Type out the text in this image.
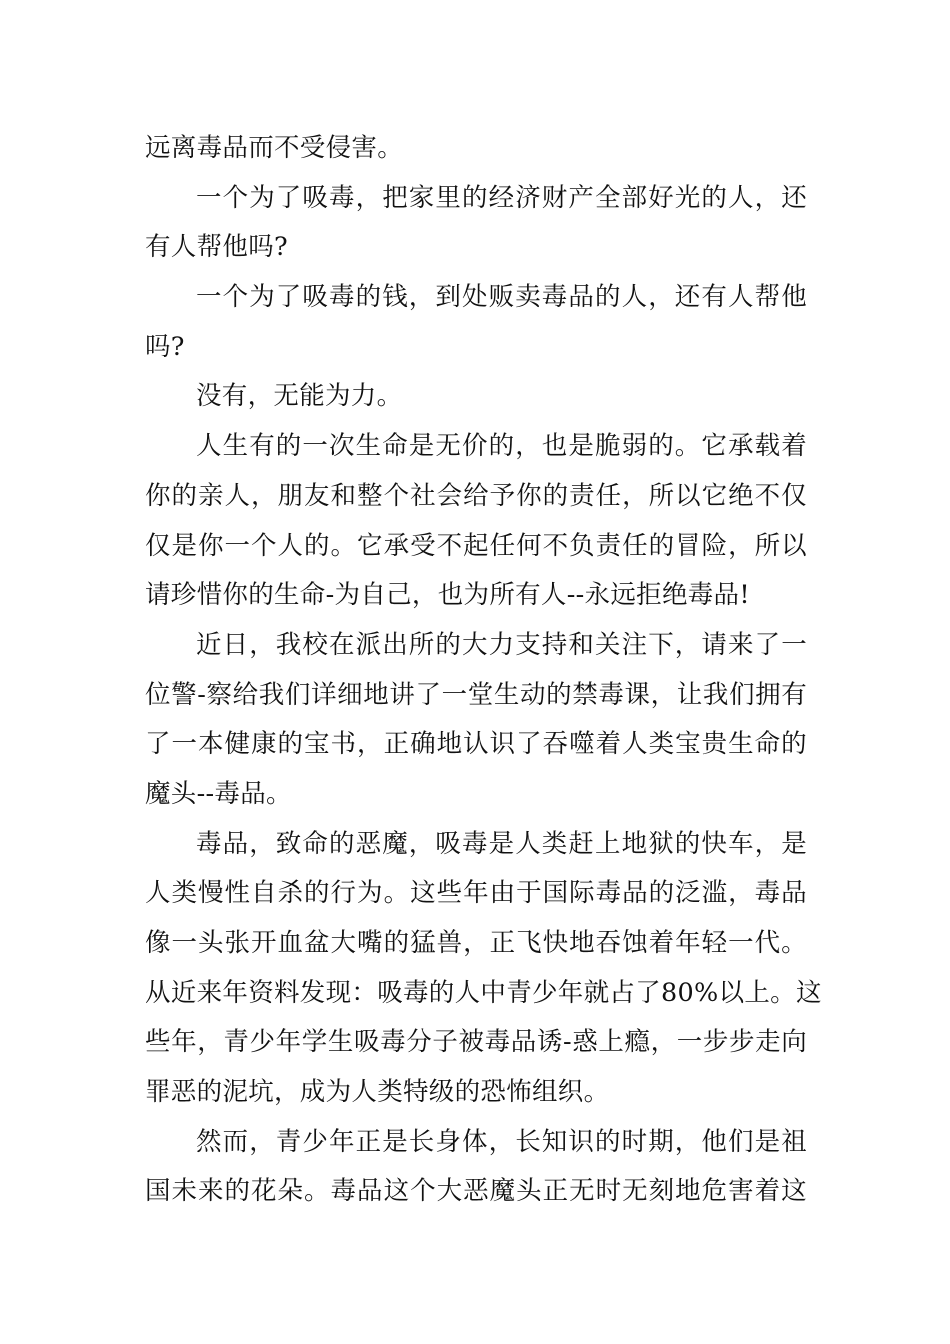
远离毒品而不受侵害。
一个为了吸毒，把家里的经济财产全部好光的人，还
有人帮他吗?
一个为了吸毒的钱，到处贩卖毒品的人，还有人帮他
吗?
没有，无能为力。
人生有的一次生命是无价的，也是脆弱的。它承载着
你的亲人，朋友和整个社会给予你的责任，所以它绝不仅
仅是你一个人的。它承受不起任何不负责任的冒险，所以
请珍惜你的生命-为自己，也为所有人--永远拒绝毒品!
近日，我校在派出所的大力支持和关注下，请来了一
位警-察给我们详细地讲了一堂生动的禁毒课，让我们拥有
了一本健康的宝书，正确地认识了吞噬着人类宝贵生命的
魔头--毒品。
毒品，致命的恶魔，吸毒是人类赶上地狱的快车，是
人类慢性自杀的行为。这些年由于国际毒品的泛滥，毒品
像一头张开血盆大嘴的猛兽，正飞快地吞蚀着年轻一代。
从近来年资料发现：吸毒的人中青少年就占了80%以上。这
些年，青少年学生吸毒分子被毒品诱-惑上瘾，一步步走向
罪恶的泥坑，成为人类特级的恐怖组织。
然而，青少年正是长身体，长知识的时期，他们是祖
国未来的花朵。毒品这个大恶魔头正无时无刻地危害着这
